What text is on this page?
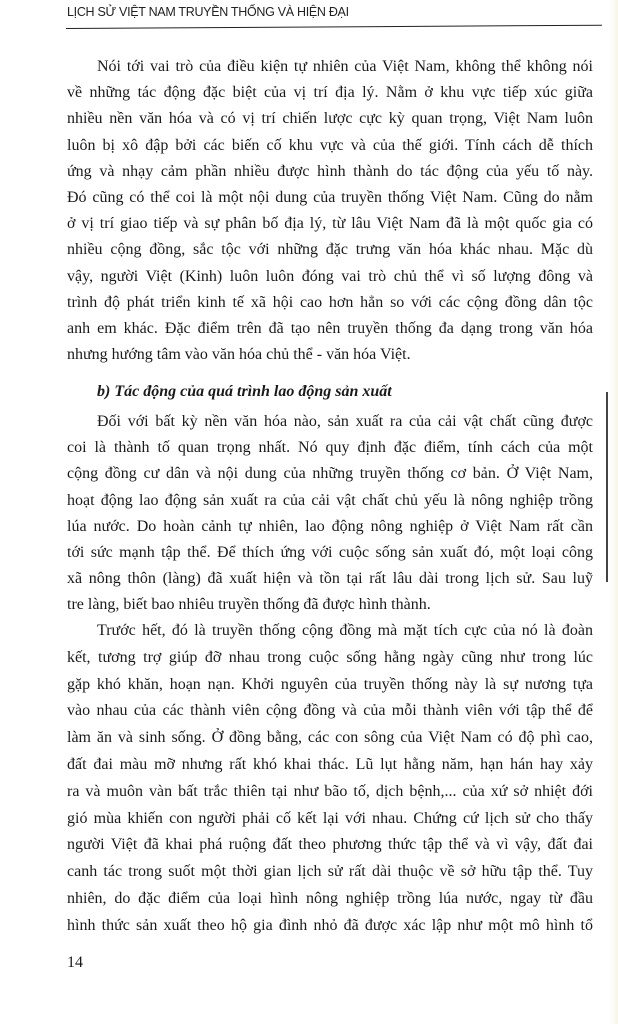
LỊCH SỬ VIỆT NAM TRUYỀN THỐNG VÀ HIỆN ĐẠI
Nói tới vai trò của điều kiện tự nhiên của Việt Nam, không thể không nói
về những tác động đặc biệt của vị trí địa lý. Nằm ở khu vực tiếp xúc giữa
nhiều nền văn hóa và có vị trí chiến lược cực kỳ quan trọng, Việt Nam luôn
luôn bị xô đập bởi các biến cố khu vực và của thế giới. Tính cách dễ thích
ứng và nhạy cảm phần nhiều được hình thành do tác động của yếu tố này.
Đó cũng có thể coi là một nội dung của truyền thống Việt Nam. Cũng do nằm
ở vị trí giao tiếp và sự phân bố địa lý, từ lâu Việt Nam đã là một quốc gia có
nhiều cộng đồng, sắc tộc với những đặc trưng văn hóa khác nhau. Mặc dù
vậy, người Việt (Kinh) luôn luôn đóng vai trò chủ thể vì số lượng đông và
trình độ phát triển kinh tế xã hội cao hơn hẳn so với các cộng đồng dân tộc
anh em khác. Đặc điểm trên đã tạo nên truyền thống đa dạng trong văn hóa
nhưng hướng tâm vào văn hóa chủ thể - văn hóa Việt.
b) Tác động của quá trình lao động sản xuất
Đối với bất kỳ nền văn hóa nào, sản xuất ra của cải vật chất cũng được
coi là thành tố quan trọng nhất. Nó quy định đặc điểm, tính cách của một
cộng đồng cư dân và nội dung của những truyền thống cơ bản. Ở Việt Nam,
hoạt động lao động sản xuất ra của cải vật chất chủ yếu là nông nghiệp trồng
lúa nước. Do hoàn cảnh tự nhiên, lao động nông nghiệp ở Việt Nam rất cần
tới sức mạnh tập thể. Để thích ứng với cuộc sống sản xuất đó, một loại công
xã nông thôn (làng) đã xuất hiện và tồn tại rất lâu dài trong lịch sử. Sau luỹ
tre làng, biết bao nhiêu truyền thống đã được hình thành.
Trước hết, đó là truyền thống cộng đồng mà mặt tích cực của nó là đoàn
kết, tương trợ giúp đỡ nhau trong cuộc sống hằng ngày cũng như trong lúc
gặp khó khăn, hoạn nạn. Khởi nguyên của truyền thống này là sự nương tựa
vào nhau của các thành viên cộng đồng và của mỗi thành viên với tập thể để
làm ăn và sinh sống. Ở đồng bằng, các con sông của Việt Nam có độ phì cao,
đất đai màu mỡ nhưng rất khó khai thác. Lũ lụt hằng năm, hạn hán hay xảy
ra và muôn vàn bất trắc thiên tại như bão tố, dịch bệnh,... của xứ sở nhiệt đới
gió mùa khiến con người phải cố kết lại với nhau. Chứng cứ lịch sử cho thấy
người Việt đã khai phá ruộng đất theo phương thức tập thể và vì vậy, đất đai
canh tác trong suốt một thời gian lịch sử rất dài thuộc về sở hữu tập thể. Tuy
nhiên, do đặc điểm của loại hình nông nghiệp trồng lúa nước, ngay từ đầu
hình thức sản xuất theo hộ gia đình nhỏ đã được xác lập như một mô hình tổ
14
